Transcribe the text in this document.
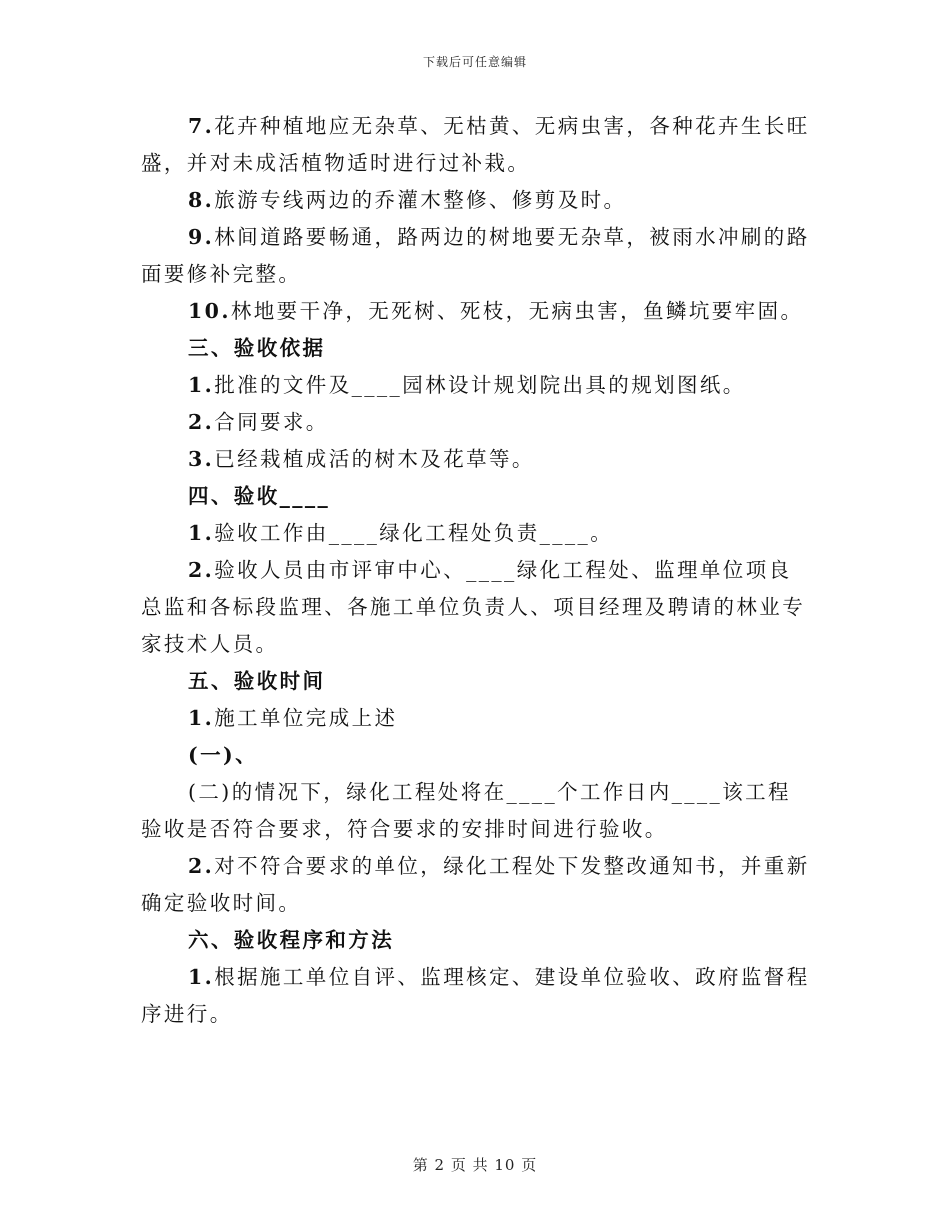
下载后可任意编辑

7.花卉种植地应无杂草、无枯黄、无病虫害，各种花卉生长旺盛，并对未成活植物适时进行过补栽。

8.旅游专线两边的乔灌木整修、修剪及时。

9.林间道路要畅通，路两边的树地要无杂草，被雨水冲刷的路面要修补完整。

10.林地要干净，无死树、死枝，无病虫害，鱼鳞坑要牢固。

三、验收依据

1.批准的文件及____园林设计规划院出具的规划图纸。

2.合同要求。

3.已经栽植成活的树木及花草等。

四、验收____

1.验收工作由____绿化工程处负责____。

2.验收人员由市评审中心、____绿化工程处、监理单位项良总监和各标段监理、各施工单位负责人、项目经理及聘请的林业专家技术人员。

五、验收时间

1.施工单位完成上述

(一)、

(二)的情况下，绿化工程处将在____个工作日内____该工程验收是否符合要求，符合要求的安排时间进行验收。

2.对不符合要求的单位，绿化工程处下发整改通知书，并重新确定验收时间。

六、验收程序和方法

1.根据施工单位自评、监理核定、建设单位验收、政府监督程序进行。

第 2 页 共 10 页
